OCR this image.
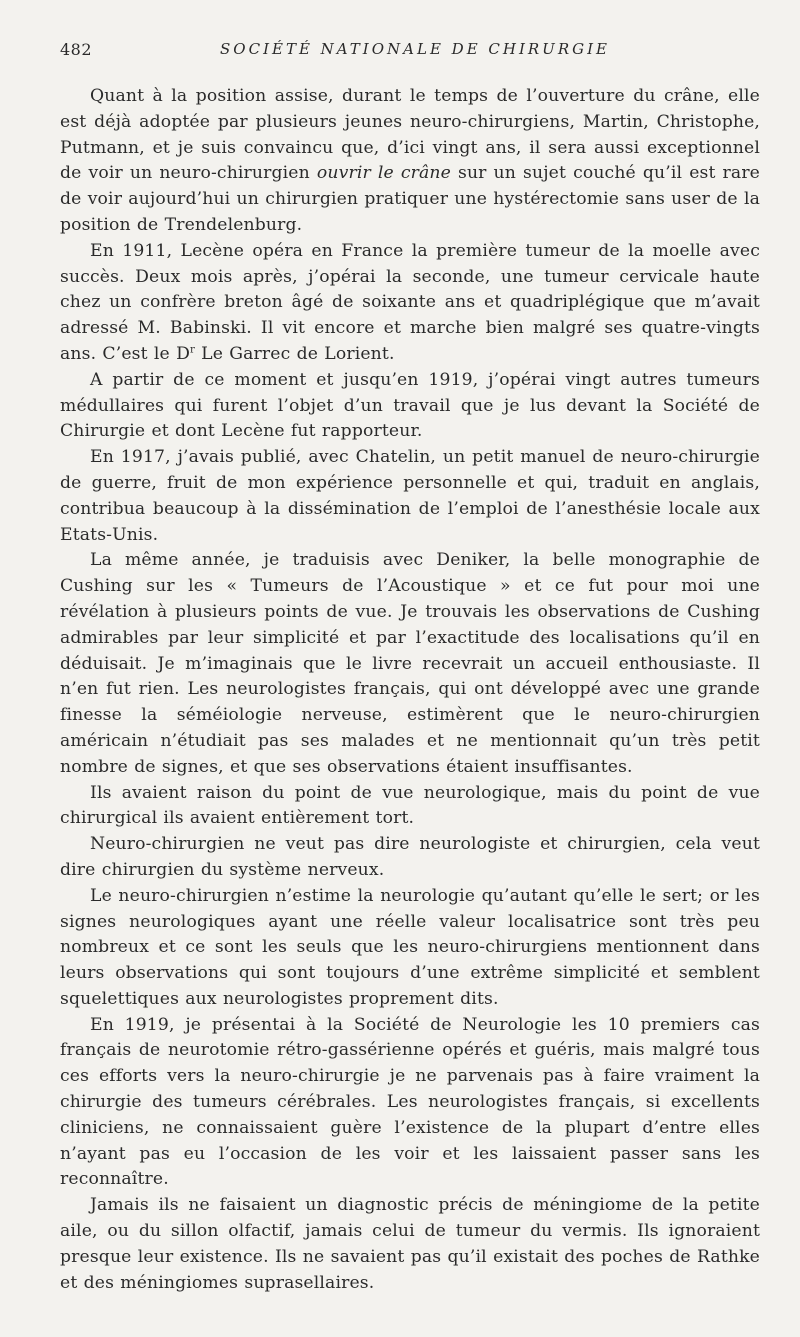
482	SOCIÉTÉ NATIONALE DE CHIRURGIE

Quant à la position assise, durant le temps de l’ouverture du crâne, elle est déjà adoptée par plusieurs jeunes neuro-chirurgiens, Martin, Christophe, Putmann, et je suis convaincu que, d’ici vingt ans, il sera aussi exceptionnel de voir un neuro-chirurgien ouvrir le crâne sur un sujet couché qu’il est rare de voir aujourd’hui un chirurgien pratiquer une hystérectomie sans user de la position de Trendelenburg.

En 1911, Lecène opéra en France la première tumeur de la moelle avec succès. Deux mois après, j’opérai la seconde, une tumeur cervicale haute chez un confrère breton âgé de soixante ans et quadriplégique que m’avait adressé M. Babinski. Il vit encore et marche bien malgré ses quatre-vingts ans. C’est le $D^r$ Le Garrec de Lorient.

A partir de ce moment et jusqu’en 1919, j’opérai vingt autres tumeurs médullaires qui furent l’objet d’un travail que je lus devant la Société de Chirurgie et dont Lecène fut rapporteur.

En 1917, j’avais publié, avec Chatelin, un petit manuel de neuro-chirurgie de guerre, fruit de mon expérience personnelle et qui, traduit en anglais, contribua beaucoup à la dissémination de l’emploi de l’anesthésie locale aux Etats-Unis.

La même année, je traduisis avec Deniker, la belle monographie de Cushing sur les « Tumeurs de l’Acoustique » et ce fut pour moi une révélation à plusieurs points de vue. Je trouvais les observations de Cushing admirables par leur simplicité et par l’exactitude des localisations qu’il en déduisait. Je m’imaginais que le livre recevrait un accueil enthousiaste. Il n’en fut rien. Les neurologistes français, qui ont développé avec une grande finesse la séméiologie nerveuse, estimèrent que le neuro-chirurgien américain n’étudiait pas ses malades et ne mentionnait qu’un très petit nombre de signes, et que ses observations étaient insuffisantes.

Ils avaient raison du point de vue neurologique, mais du point de vue chirurgical ils avaient entièrement tort.

Neuro-chirurgien ne veut pas dire neurologiste et chirurgien, cela veut dire chirurgien du système nerveux.

Le neuro-chirurgien n’estime la neurologie qu’autant qu’elle le sert; or les signes neurologiques ayant une réelle valeur localisatrice sont très peu nombreux et ce sont les seuls que les neuro-chirurgiens mentionnent dans leurs observations qui sont toujours d’une extrême simplicité et semblent squelettiques aux neurologistes proprement dits.

En 1919, je présentai à la Société de Neurologie les 10 premiers cas français de neurotomie rétro-gassérienne opérés et guéris, mais malgré tous ces efforts vers la neuro-chirurgie je ne parvenais pas à faire vraiment la chirurgie des tumeurs cérébrales. Les neurologistes français, si excellents cliniciens, ne connaissaient guère l’existence de la plupart d’entre elles n’ayant pas eu l’occasion de les voir et les laissaient passer sans les reconnaître.

Jamais ils ne faisaient un diagnostic précis de méningiome de la petite aile, ou du sillon olfactif, jamais celui de tumeur du vermis. Ils ignoraient presque leur existence. Ils ne savaient pas qu’il existait des poches de Rathke et des méningiomes suprasellaires.
